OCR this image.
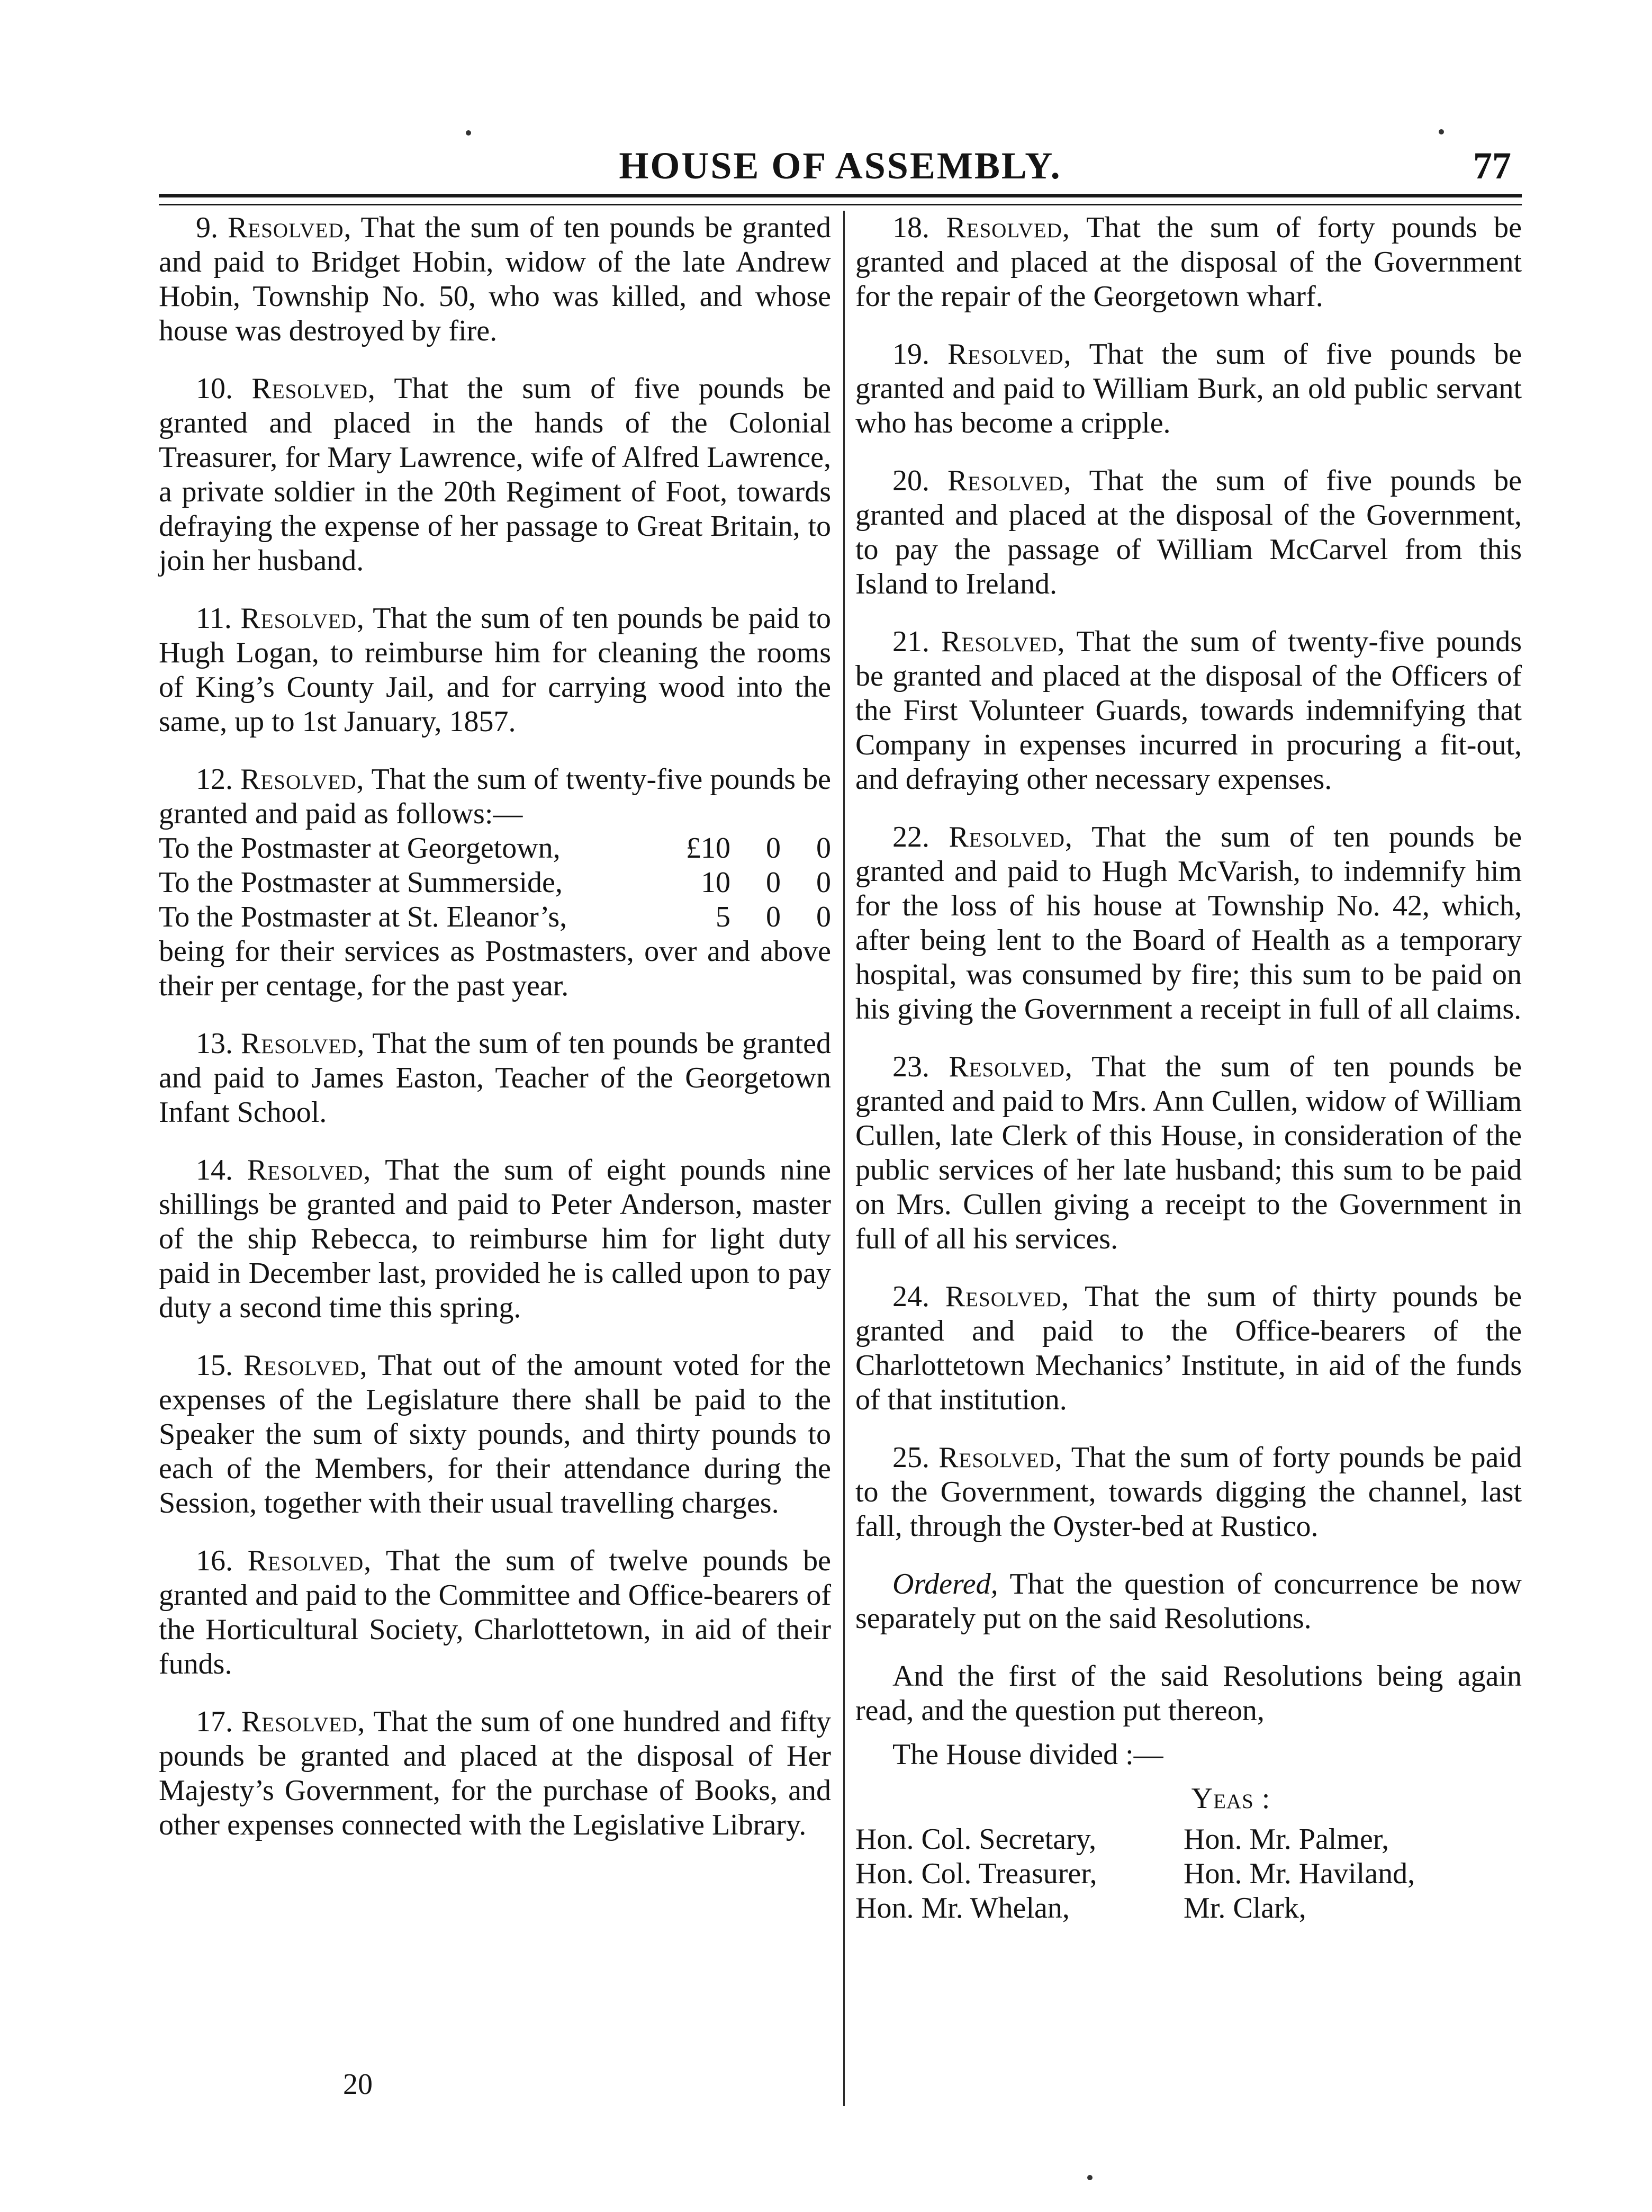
HOUSE OF ASSEMBLY.	77

9. Resolved, That the sum of ten pounds be granted and paid to Bridget Hobin, widow of the late Andrew Hobin, Township No. 50, who was killed, and whose house was destroyed by fire.

10. Resolved, That the sum of five pounds be granted and placed in the hands of the Colonial Treasurer, for Mary Lawrence, wife of Alfred Lawrence, a private soldier in the 20th Regiment of Foot, towards defraying the expense of her passage to Great Britain, to join her husband.

11. Resolved, That the sum of ten pounds be paid to Hugh Logan, to reimburse him for cleaning the rooms of King’s County Jail, and for carrying wood into the same, up to 1st January, 1857.

12. Resolved, That the sum of twenty-five pounds be granted and paid as follows:—
To the Postmaster at Georgetown,	£10	0	0
To the Postmaster at Summerside,	10	0	0
To the Postmaster at St. Eleanor’s,	5	0	0
being for their services as Postmasters, over and above their per centage, for the past year.

13. Resolved, That the sum of ten pounds be granted and paid to James Easton, Teacher of the Georgetown Infant School.

14. Resolved, That the sum of eight pounds nine shillings be granted and paid to Peter Anderson, master of the ship Rebecca, to reimburse him for light duty paid in December last, provided he is called upon to pay duty a second time this spring.

15. Resolved, That out of the amount voted for the expenses of the Legislature there shall be paid to the Speaker the sum of sixty pounds, and thirty pounds to each of the Members, for their attendance during the Session, together with their usual travelling charges.

16. Resolved, That the sum of twelve pounds be granted and paid to the Committee and Office-bearers of the Horticultural Society, Charlottetown, in aid of their funds.

17. Resolved, That the sum of one hundred and fifty pounds be granted and placed at the disposal of Her Majesty’s Government, for the purchase of Books, and other expenses connected with the Legislative Library.

18. Resolved, That the sum of forty pounds be granted and placed at the disposal of the Government for the repair of the Georgetown wharf.

19. Resolved, That the sum of five pounds be granted and paid to William Burk, an old public servant who has become a cripple.

20. Resolved, That the sum of five pounds be granted and placed at the disposal of the Government, to pay the passage of William McCarvel from this Island to Ireland.

21. Resolved, That the sum of twenty-five pounds be granted and placed at the disposal of the Officers of the First Volunteer Guards, towards indemnifying that Company in expenses incurred in procuring a fit-out, and defraying other necessary expenses.

22. Resolved, That the sum of ten pounds be granted and paid to Hugh McVarish, to indemnify him for the loss of his house at Township No. 42, which, after being lent to the Board of Health as a temporary hospital, was consumed by fire; this sum to be paid on his giving the Government a receipt in full of all claims.

23. Resolved, That the sum of ten pounds be granted and paid to Mrs. Ann Cullen, widow of William Cullen, late Clerk of this House, in consideration of the public services of her late husband; this sum to be paid on Mrs. Cullen giving a receipt to the Government in full of all his services.

24. Resolved, That the sum of thirty pounds be granted and paid to the Office-bearers of the Charlottetown Mechanics’ Institute, in aid of the funds of that institution.

25. Resolved, That the sum of forty pounds be paid to the Government, towards digging the channel, last fall, through the Oyster-bed at Rustico.

Ordered, That the question of concurrence be now separately put on the said Resolutions.

And the first of the said Resolutions being again read, and the question put thereon,

The House divided :—

Yeas :

Hon. Col. Secretary,	Hon. Mr. Palmer,
Hon. Col. Treasurer,	Hon. Mr. Haviland,
Hon. Mr. Whelan,	Mr. Clark,
20
